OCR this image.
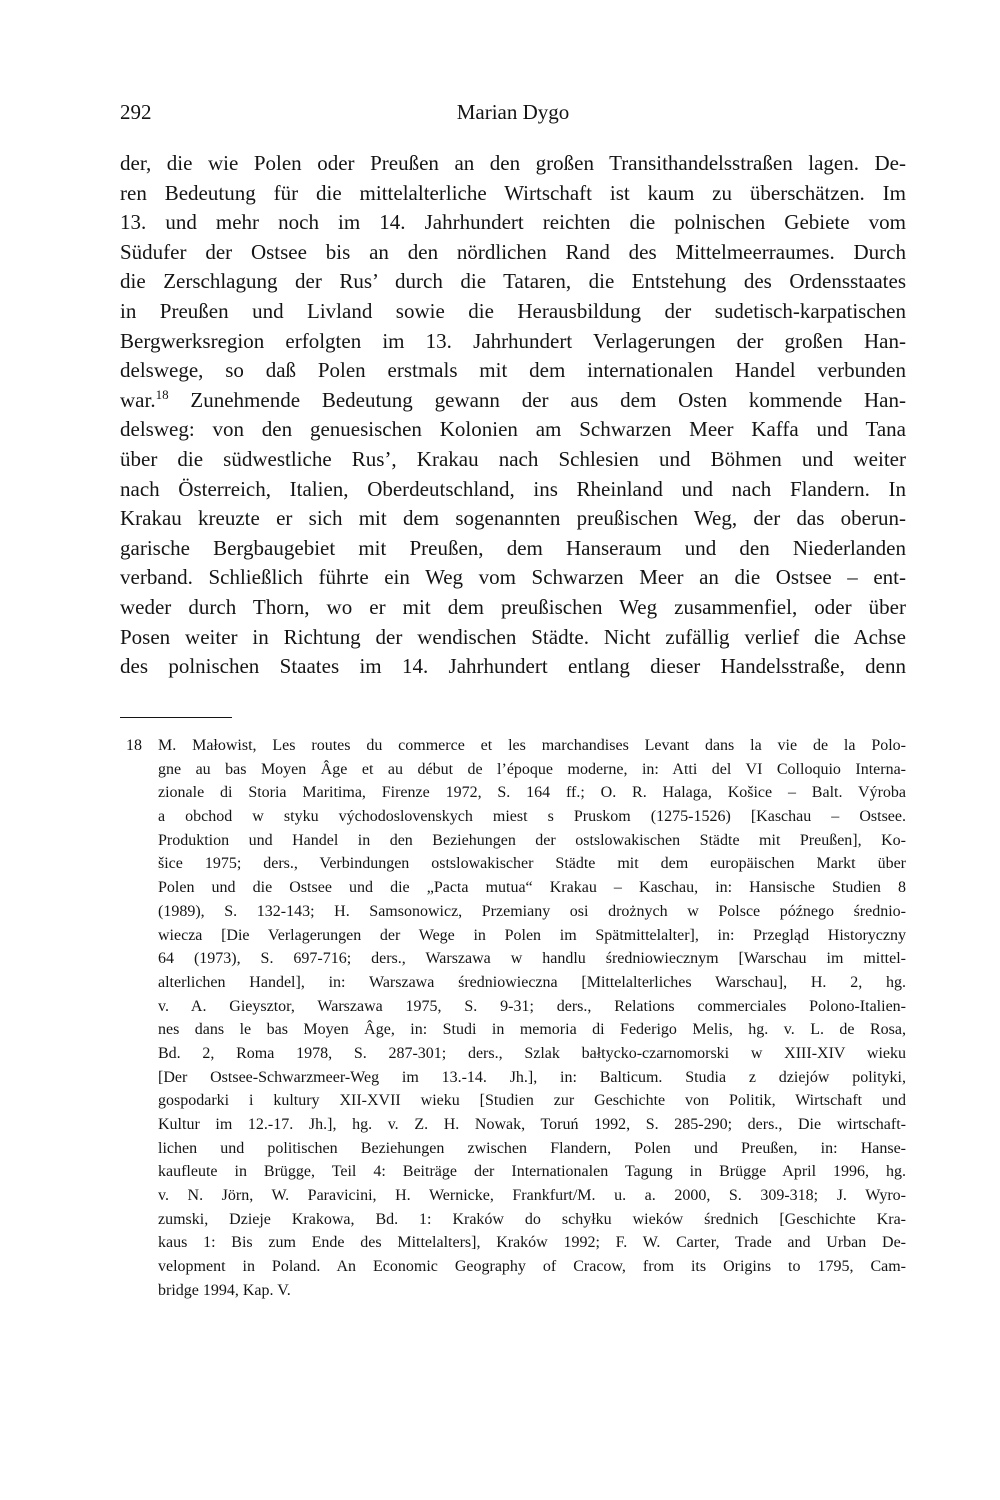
292	Marian Dygo
der, die wie Polen oder Preußen an den großen Transithandelsstraßen lagen. De-
ren Bedeutung für die mittelalterliche Wirtschaft ist kaum zu überschätzen. Im
13. und mehr noch im 14. Jahrhundert reichten die polnischen Gebiete vom
Südufer der Ostsee bis an den nördlichen Rand des Mittelmeerraumes. Durch
die Zerschlagung der Rus’ durch die Tataren, die Entstehung des Ordensstaates
in Preußen und Livland sowie die Herausbildung der sudetisch-karpatischen
Bergwerksregion erfolgten im 13. Jahrhundert Verlagerungen der großen Han-
delswege, so daß Polen erstmals mit dem internationalen Handel verbunden
war.$^{18}$ Zunehmende Bedeutung gewann der aus dem Osten kommende Han-
delsweg: von den genuesischen Kolonien am Schwarzen Meer Kaffa und Tana
über die südwestliche Rus’, Krakau nach Schlesien und Böhmen und weiter
nach Österreich, Italien, Oberdeutschland, ins Rheinland und nach Flandern. In
Krakau kreuzte er sich mit dem sogenannten preußischen Weg, der das oberun-
garische Bergbaugebiet mit Preußen, dem Hanseraum und den Niederlanden
verband. Schließlich führte ein Weg vom Schwarzen Meer an die Ostsee – ent-
weder durch Thorn, wo er mit dem preußischen Weg zusammenfiel, oder über
Posen weiter in Richtung der wendischen Städte. Nicht zufällig verlief die Achse
des polnischen Staates im 14. Jahrhundert entlang dieser Handelsstraße, denn
18 M. Małowist, Les routes du commerce et les marchandises Levant dans la vie de la Polo-
gne au bas Moyen Âge et au début de l’époque moderne, in: Atti del VI Colloquio Interna-
zionale di Storia Maritima, Firenze 1972, S. 164 ff.; O. R. Halaga, Košice – Balt. Výroba
a obchod w styku východoslovenskych miest s Pruskom (1275-1526) [Kaschau – Ostsee.
Produktion und Handel in den Beziehungen der ostslowakischen Städte mit Preußen], Ko-
šice 1975; ders., Verbindungen ostslowakischer Städte mit dem europäischen Markt über
Polen und die Ostsee und die „Pacta mutua“ Krakau – Kaschau, in: Hansische Studien 8
(1989), S. 132-143; H. Samsonowicz, Przemiany osi drożnych w Polsce późnego średnio-
wiecza [Die Verlagerungen der Wege in Polen im Spätmittelalter], in: Przegląd Historyczny
64 (1973), S. 697-716; ders., Warszawa w handlu średniowiecznym [Warschau im mittel-
alterlichen Handel], in: Warszawa średniowieczna [Mittelalterliches Warschau], H. 2, hg.
v. A. Gieysztor, Warszawa 1975, S. 9-31; ders., Relations commerciales Polono-Italien-
nes dans le bas Moyen Âge, in: Studi in memoria di Federigo Melis, hg. v. L. de Rosa,
Bd. 2, Roma 1978, S. 287-301; ders., Szlak bałtycko-czarnomorski w XIII-XIV wieku
[Der Ostsee-Schwarzmeer-Weg im 13.-14. Jh.], in: Balticum. Studia z dziejów polityki,
gospodarki i kultury XII-XVII wieku [Studien zur Geschichte von Politik, Wirtschaft und
Kultur im 12.-17. Jh.], hg. v. Z. H. Nowak, Toruń 1992, S. 285-290; ders., Die wirtschaft-
lichen und politischen Beziehungen zwischen Flandern, Polen und Preußen, in: Hanse-
kaufleute in Brügge, Teil 4: Beiträge der Internationalen Tagung in Brügge April 1996, hg.
v. N. Jörn, W. Paravicini, H. Wernicke, Frankfurt/M. u. a. 2000, S. 309-318; J. Wyro-
zumski, Dzieje Krakowa, Bd. 1: Kraków do schyłku wieków średnich [Geschichte Kra-
kaus 1: Bis zum Ende des Mittelalters], Kraków 1992; F. W. Carter, Trade and Urban De-
velopment in Poland. An Economic Geography of Cracow, from its Origins to 1795, Cam-
bridge 1994, Kap. V.
